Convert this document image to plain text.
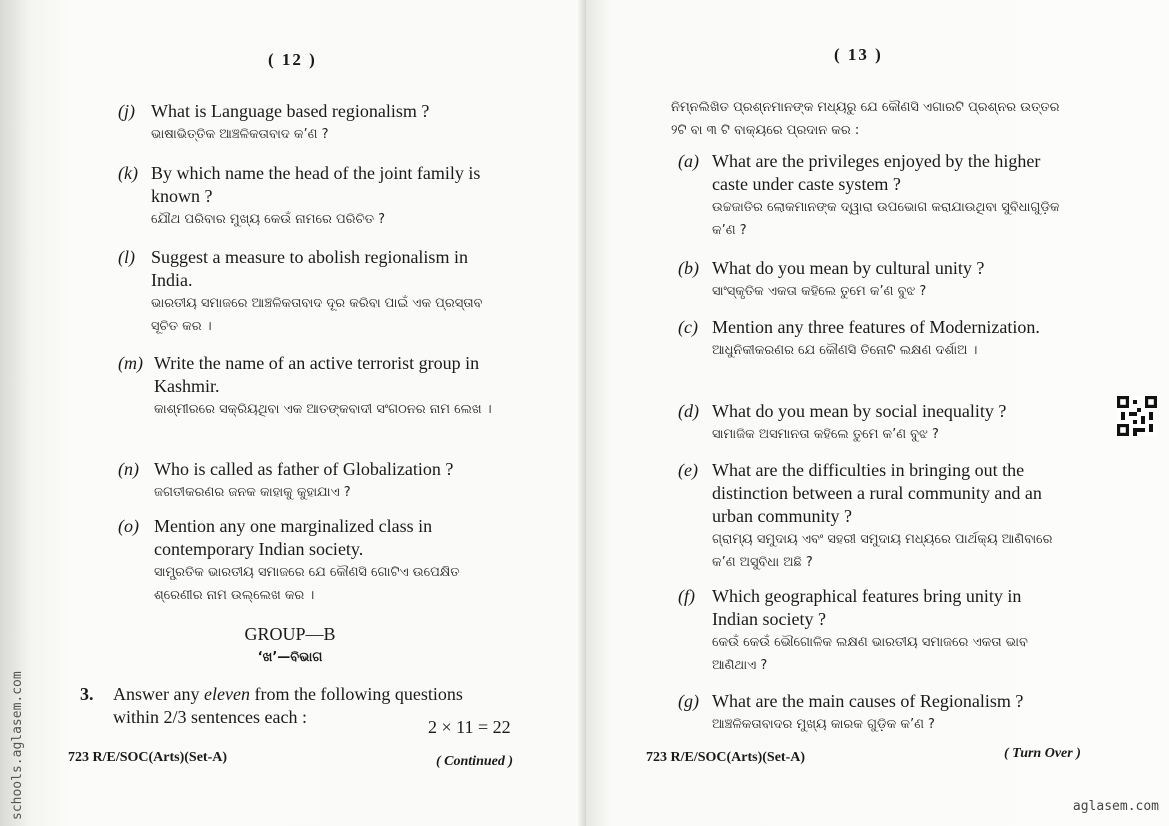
( 12 )
(j) What is Language based regionalism ?
ଭାଷାଭିତ୍ତିକ ଆଞ୍ଚଳିକତାବାଦ କ’ଣ ?
(k) By which name the head of the joint family is known ?
ଯୌଥ ପରିବାର ମୁଖ୍ୟ କେଉଁ ନାମରେ ପରିଚିତ ?
(l) Suggest a measure to abolish regionalism in India.
ଭାରତୀୟ ସମାଜରେ ଆଞ୍ଚଳିକତାବାଦ ଦୂର କରିବା ପାଇଁ ଏକ ପ୍ରସ୍ତାବ ସୂଚିତ କର ।
(m) Write the name of an active terrorist group in Kashmir.
କାଶ୍ମୀରରେ ସକ୍ରିୟଥିବା ଏକ ଆତଙ୍କବାଦୀ ସଂଗଠନର ନାମ ଲେଖ ।
(n) Who is called as father of Globalization ?
ଜଗତୀକରଣର ଜନକ କାହାକୁ କୁହାଯାଏ ?
(o) Mention any one marginalized class in contemporary Indian society.
ସାମ୍ପ୍ରତିକ ଭାରତୀୟ ସମାଜରେ ଯେ କୌଣସି ଗୋଟିଏ ଉପେକ୍ଷିତ ଶ୍ରେଣୀର ନାମ ଉଲ୍ଲେଖ କର ।
GROUP—B
‘ଖ’—ବିଭାଗ
3. Answer any eleven from the following questions within 2/3 sentences each :	2 × 11 = 22
723 R/E/SOC(Arts)(Set-A)	( Continued )
schools.aglasem.com
( 13 )
ନିମ୍ନଲିଖିତ ପ୍ରଶ୍ନମାନଙ୍କ ମଧ୍ୟରୁ ଯେ କୌଣସି ଏଗାରଟି ପ୍ରଶ୍ନର ଉତ୍ତର ୨ଟି ବା ୩ ଟି ବାକ୍ୟରେ ପ୍ରଦାନ କର :
(a) What are the privileges enjoyed by the higher caste under caste system ?
ଉଚ୍ଚଜାତିର ଲୋକମାନଙ୍କ ଦ୍ୱାରା ଉପଭୋଗ କରାଯାଉଥିବା ସୁବିଧାଗୁଡ଼ିକ କ’ଣ ?
(b) What do you mean by cultural unity ?
ସାଂସ୍କୃତିକ ଏକତା କହିଲେ ତୁମେ କ’ଣ ବୁଝ ?
(c) Mention any three features of Modernization.
ଆଧୁନିକୀକରଣର ଯେ କୌଣସି ତିନୋଟି ଲକ୍ଷଣ ଦର୍ଶାଅ ।
(d) What do you mean by social inequality ?
ସାମାଜିକ ଅସମାନତା କହିଲେ ତୁମେ କ’ଣ ବୁଝ ?
(e) What are the difficulties in bringing out the distinction between a rural community and an urban community ?
ଗ୍ରାମ୍ୟ ସମୁଦାୟ ଏବଂ ସହରୀ ସମୁଦାୟ ମଧ୍ୟରେ ପାର୍ଥକ୍ୟ ଆଣିବାରେ କ’ଣ ଅସୁବିଧା ଅଛି ?
(f) Which geographical features bring unity in Indian society ?
କେଉଁ କେଉଁ ଭୌଗୋଳିକ ଲକ୍ଷଣ ଭାରତୀୟ ସମାଜରେ ଏକତା ଭାବ ଆଣିଥାଏ ?
(g) What are the main causes of Regionalism ?
ଆଞ୍ଚଳିକତାବାଦର ମୁଖ୍ୟ କାରକ ଗୁଡ଼ିକ କ’ଣ ?
723 R/E/SOC(Arts)(Set-A)	( Turn Over )
aglasem.com
